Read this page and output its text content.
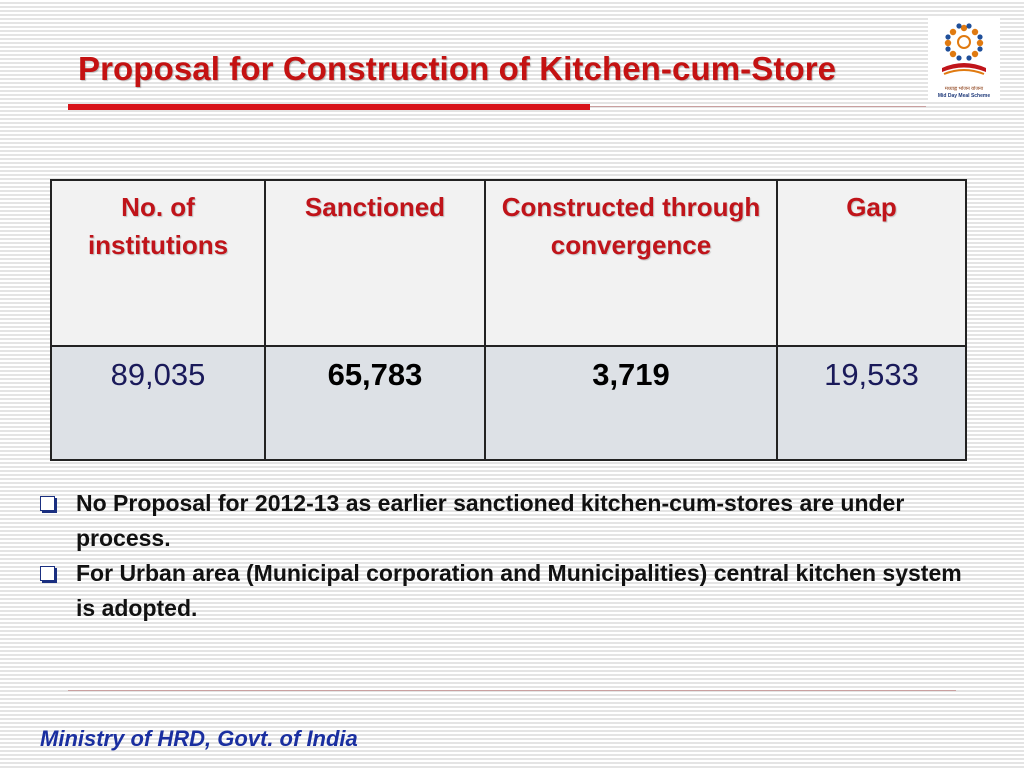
Proposal for Construction of Kitchen-cum-Store
मध्याह्न भोजन योजना
Mid Day Meal Scheme
No. of institutions	Sanctioned	Constructed through convergence	Gap
89,035	65,783	3,719	19,533
No Proposal for 2012-13 as earlier sanctioned kitchen-cum-stores are under process.
For Urban area (Municipal corporation and Municipalities) central kitchen system is adopted.
Ministry of HRD, Govt. of India
